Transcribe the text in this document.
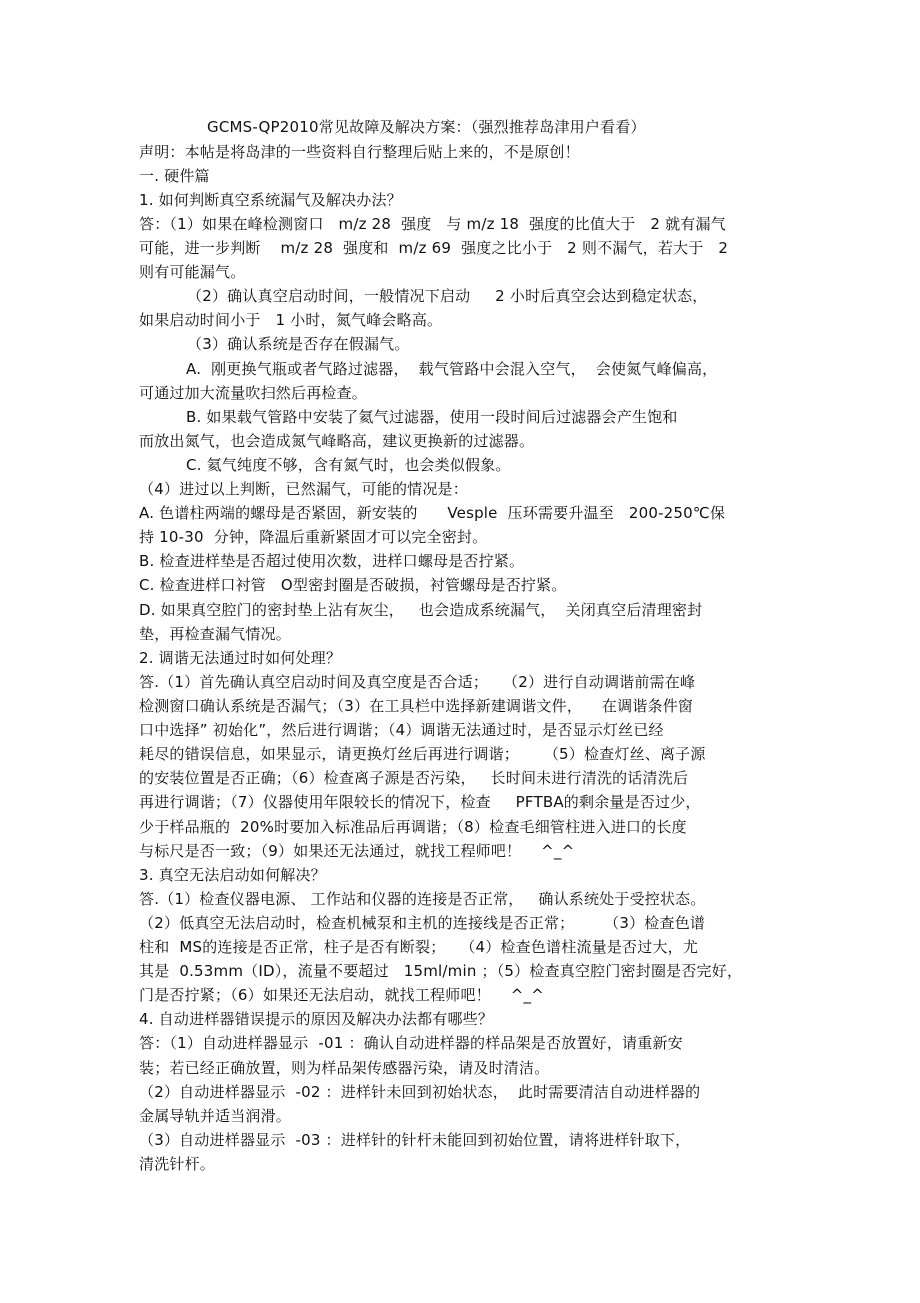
GCMS-QP2010常见故障及解决方案：（强烈推荐岛津用户看看）
声明：本帖是将岛津的一些资料自行整理后贴上来的，不是原创！
一. 硬件篇
1. 如何判断真空系统漏气及解决办法？
答：（1）如果在峰检测窗口   m/z 28  强度   与 m/z 18  强度的比值大于   2 就有漏气
可能，进一步判断    m/z 28  强度和  m/z 69  强度之比小于   2 则不漏气，若大于   2
则有可能漏气。
（2）确认真空启动时间，一般情况下启动     2 小时后真空会达到稳定状态，
如果启动时间小于   1 小时，氮气峰会略高。
（3）确认系统是否存在假漏气。
A.  刚更换气瓶或者气路过滤器，  载气管路中会混入空气，  会使氮气峰偏高，
可通过加大流量吹扫然后再检查。
B. 如果载气管路中安装了氦气过滤器，使用一段时间后过滤器会产生饱和
而放出氮气，也会造成氮气峰略高，建议更换新的过滤器。
C. 氦气纯度不够，含有氮气时，也会类似假象。
（4）进过以上判断，已然漏气，可能的情况是：
A. 色谱柱两端的螺母是否紧固，新安装的      Vesple  压环需要升温至   200-250℃保
持 10-30  分钟，降温后重新紧固才可以完全密封。
B. 检查进样垫是否超过使用次数，进样口螺母是否拧紧。
C. 检查进样口衬管   O型密封圈是否破损，衬管螺母是否拧紧。
D. 如果真空腔门的密封垫上沾有灰尘，   也会造成系统漏气，  关闭真空后清理密封
垫，再检查漏气情况。
2. 调谐无法通过时如何处理？
答.（1）首先确认真空启动时间及真空度是否合适；   （2）进行自动调谐前需在峰
检测窗口确认系统是否漏气；（3）在工具栏中选择新建调谐文件，    在调谐条件窗
口中选择” 初始化”，然后进行调谐；（4）调谐无法通过时，是否显示灯丝已经
耗尽的错误信息，如果显示，请更换灯丝后再进行调谐；     （5）检查灯丝、离子源
的安装位置是否正确；（6）检查离子源是否污染，   长时间未进行清洗的话清洗后
再进行调谐；（7）仪器使用年限较长的情况下，检查     PFTBA的剩余量是否过少，
少于样品瓶的  20%时要加入标准品后再调谐；（8）检查毛细管柱进入进口的长度
与标尺是否一致；（9）如果还无法通过，就找工程师吧！    ^_^
3. 真空无法启动如何解决？
答.（1）检查仪器电源、 工作站和仪器的连接是否正常，   确认系统处于受控状态。
（2）低真空无法启动时，检查机械泵和主机的连接线是否正常；      （3）检查色谱
柱和  MS的连接是否正常，柱子是否有断裂；   （4）检查色谱柱流量是否过大，尤
其是  0.53mm（ID），流量不要超过   15ml/min ；（5）检查真空腔门密封圈是否完好，
门是否拧紧；（6）如果还无法启动，就找工程师吧！    ^_^
4. 自动进样器错误提示的原因及解决办法都有哪些？
答：（1）自动进样器显示  -01 ：确认自动进样器的样品架是否放置好，请重新安
装；若已经正确放置，则为样品架传感器污染，请及时清洁。
（2）自动进样器显示  -02 ：进样针未回到初始状态，  此时需要清洁自动进样器的
金属导轨并适当润滑。
（3）自动进样器显示  -03 ：进样针的针杆未能回到初始位置，请将进样针取下，
清洗针杆。
